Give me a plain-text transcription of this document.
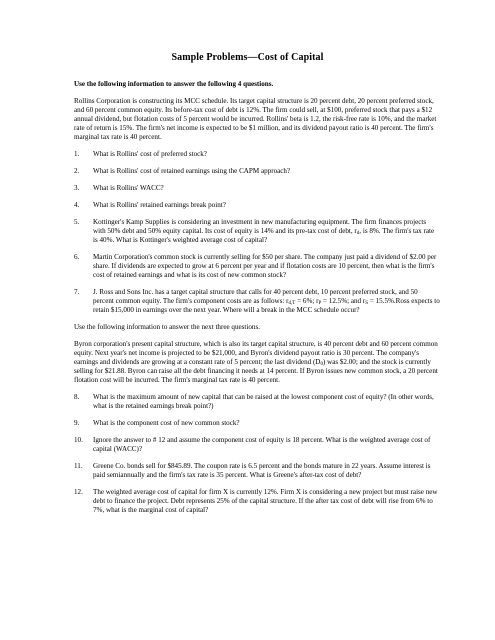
Sample Problems—Cost of Capital

Use the following information to answer the following 4 questions.

Rollins Corporation is constructing its MCC schedule. Its target capital structure is 20 percent debt, 20 percent preferred stock, and 60 percent common equity. Its before-tax cost of debt is 12%. The firm could sell, at $100, preferred stock that pays a $12 annual dividend, but flotation costs of 5 percent would be incurred. Rollins' beta is 1.2, the risk-free rate is 10%, and the market rate of return is 15%. The firm's net income is expected to be $1 million, and its dividend payout ratio is 40 percent. The firm's marginal tax rate is 40 percent.

1.	What is Rollins' cost of preferred stock?
2.	What is Rollins' cost of retained earnings using the CAPM approach?
3.	What is Rollins' WACC?
4.	What is Rollins' retained earnings break point?
5.	Kottinger's Kamp Supplies is considering an investment in new manufacturing equipment. The firm finances projects with 50% debt and 50% equity capital. Its cost of equity is 14% and its pre-tax cost of debt, $r_d$, is 8%. The firm's tax rate is 40%. What is Kottinger's weighted average cost of capital?
6.	Martin Corporation's common stock is currently selling for $50 per share. The company just paid a dividend of $2.00 per share. If dividends are expected to grow at 6 percent per year and if flotation costs are 10 percent, then what is the firm's cost of retained earnings and what is its cost of new common stock?
7.	J. Ross and Sons Inc. has a target capital structure that calls for 40 percent debt, 10 percent preferred stock, and 50 percent common equity. The firm's component costs are as follows: $r_{d,T} = 6\%$; $r_P = 12.5\%$; and $r_S$ = 15.5%.Ross expects to retain $15,000 in earnings over the next year. Where will a break in the MCC schedule occur?

Use the following information to answer the next three questions.

Byron corporation's present capital structure, which is also its target capital structure, is 40 percent debt and 60 percent common equity. Next year's net income is projected to be $21,000, and Byron's dividend payout ratio is 30 percent. The company's earnings and dividends are growing at a constant rate of 5 percent; the last dividend $(D_0)$ was $2.00; and the stock is currently selling for $21.88. Byron can raise all the debt financing it needs at 14 percent. If Byron issues new common stock, a 20 percent flotation cost will be incurred. The firm's marginal tax rate is 40 percent.

8.	What is the maximum amount of new capital that can be raised at the lowest component cost of equity? (In other words, what is the retained earnings break point?)
9.	What is the component cost of new common stock?
10.	Ignore the answer to # 12 and assume the component cost of equity is 18 percent. What is the weighted average cost of capital (WACC)?
11.	Greene Co. bonds sell for $845.89. The coupon rate is 6.5 percent and the bonds mature in 22 years. Assume interest is paid semiannually and the firm's tax rate is 35 percent. What is Greene's after-tax cost of debt?
12.	The weighted average cost of capital for firm X is currently 12%. Firm X is considering a new project but must raise new debt to finance the project. Debt represents 25% of the capital structure. If the after tax cost of debt will rise from 6% to 7%, what is the marginal cost of capital?
